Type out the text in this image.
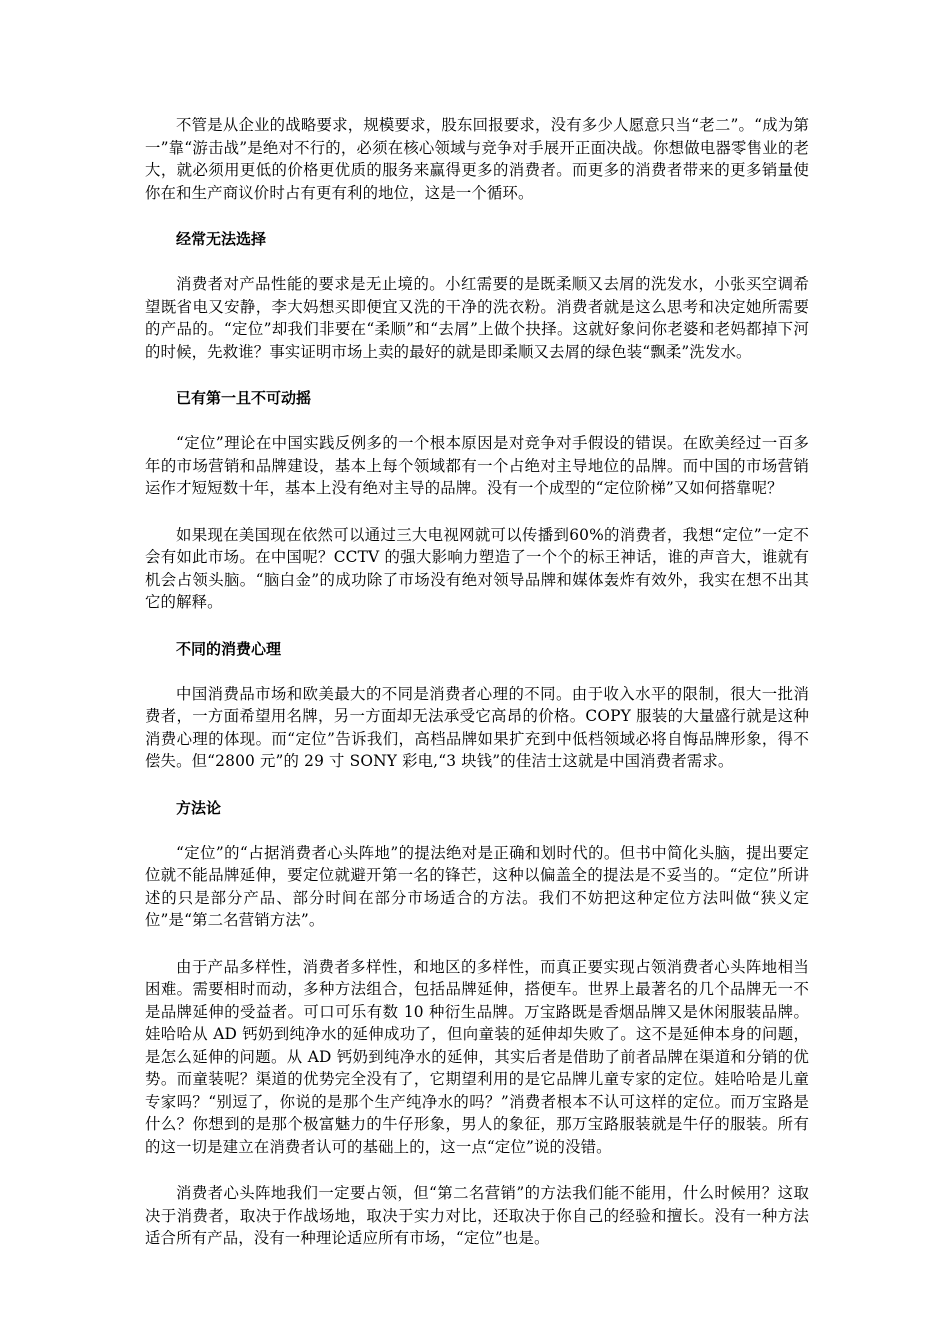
不管是从企业的战略要求，规模要求，股东回报要求，没有多少人愿意只当“老二”。“成为第一”靠“游击战”是绝对不行的，必须在核心领域与竞争对手展开正面决战。你想做电器零售业的老大，就必须用更低的价格更优质的服务来赢得更多的消费者。而更多的消费者带来的更多销量使你在和生产商议价时占有更有利的地位，这是一个循环。

经常无法选择

消费者对产品性能的要求是无止境的。小红需要的是既柔顺又去屑的洗发水，小张买空调希望既省电又安静，李大妈想买即便宜又洗的干净的洗衣粉。消费者就是这么思考和决定她所需要的产品的。“定位”却我们非要在“柔顺”和“去屑”上做个抉择。这就好象问你老婆和老妈都掉下河的时候，先救谁？事实证明市场上卖的最好的就是即柔顺又去屑的绿色装“飘柔”洗发水。

已有第一且不可动摇

“定位”理论在中国实践反例多的一个根本原因是对竞争对手假设的错误。在欧美经过一百多年的市场营销和品牌建设，基本上每个领域都有一个占绝对主导地位的品牌。而中国的市场营销运作才短短数十年，基本上没有绝对主导的品牌。没有一个成型的“定位阶梯”又如何搭靠呢？

如果现在美国现在依然可以通过三大电视网就可以传播到60%的消费者，我想“定位”一定不会有如此市场。在中国呢？CCTV 的强大影响力塑造了一个个的标王神话，谁的声音大，谁就有机会占领头脑。“脑白金”的成功除了市场没有绝对领导品牌和媒体轰炸有效外，我实在想不出其它的解释。

不同的消费心理

中国消费品市场和欧美最大的不同是消费者心理的不同。由于收入水平的限制，很大一批消费者，一方面希望用名牌，另一方面却无法承受它高昂的价格。COPY 服装的大量盛行就是这种消费心理的体现。而“定位”告诉我们，高档品牌如果扩充到中低档领域必将自悔品牌形象，得不偿失。但“2800 元”的 29 寸 SONY 彩电,“3 块钱”的佳洁士这就是中国消费者需求。

方法论

“定位”的“占据消费者心头阵地”的提法绝对是正确和划时代的。但书中简化头脑，提出要定位就不能品牌延伸，要定位就避开第一名的锋芒，这种以偏盖全的提法是不妥当的。“定位”所讲述的只是部分产品、部分时间在部分市场适合的方法。我们不妨把这种定位方法叫做“狭义定位”是“第二名营销方法”。

由于产品多样性，消费者多样性，和地区的多样性，而真正要实现占领消费者心头阵地相当困难。需要相时而动，多种方法组合，包括品牌延伸，搭便车。世界上最著名的几个品牌无一不是品牌延伸的受益者。可口可乐有数 10 种衍生品牌。万宝路既是香烟品牌又是休闲服装品牌。娃哈哈从 AD 钙奶到纯净水的延伸成功了，但向童装的延伸却失败了。这不是延伸本身的问题，是怎么延伸的问题。从 AD 钙奶到纯净水的延伸，其实后者是借助了前者品牌在渠道和分销的优势。而童装呢？渠道的优势完全没有了，它期望利用的是它品牌儿童专家的定位。娃哈哈是儿童专家吗？“别逗了，你说的是那个生产纯净水的吗？”消费者根本不认可这样的定位。而万宝路是什么？你想到的是那个极富魅力的牛仔形象，男人的象征，那万宝路服装就是牛仔的服装。所有的这一切是建立在消费者认可的基础上的，这一点“定位”说的没错。

消费者心头阵地我们一定要占领，但“第二名营销”的方法我们能不能用，什么时候用？这取决于消费者，取决于作战场地，取决于实力对比，还取决于你自己的经验和擅长。没有一种方法适合所有产品，没有一种理论适应所有市场，“定位”也是。
